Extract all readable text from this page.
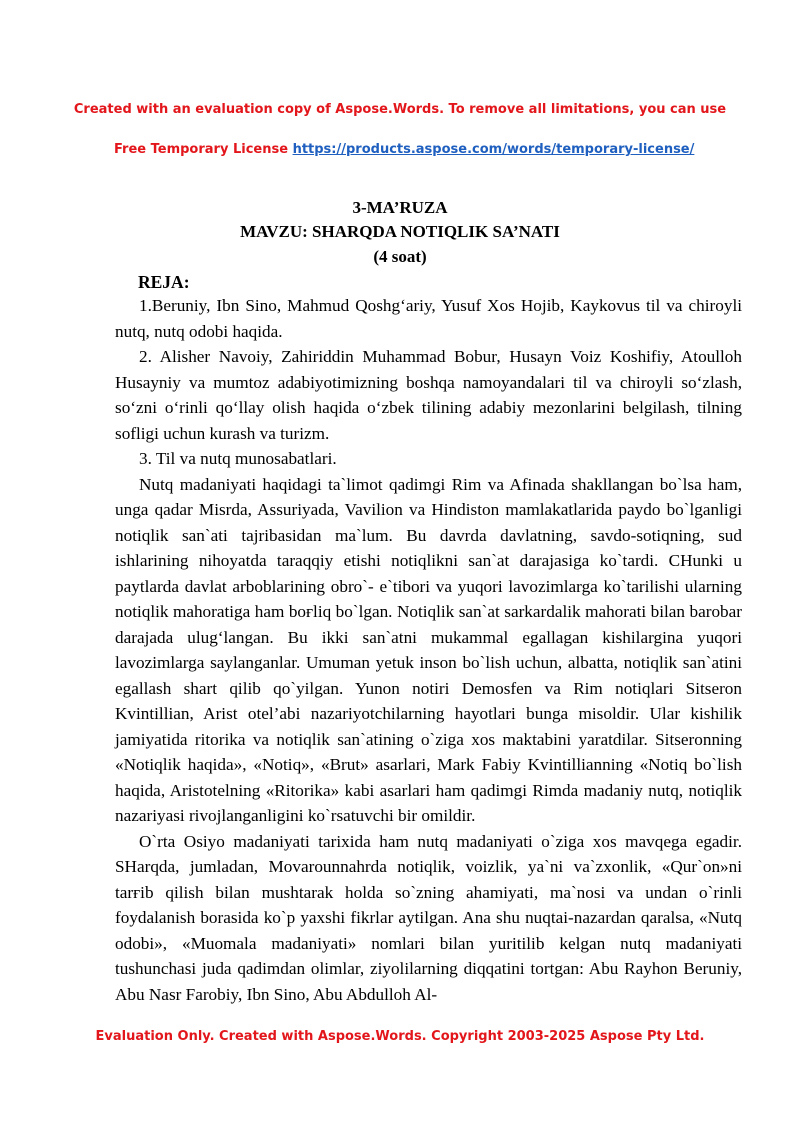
Created with an evaluation copy of Aspose.Words. To remove all limitations, you can use
Free Temporary License https://products.aspose.com/words/temporary-license/
3-MA’RUZA
MAVZU: SHARQDA NOTIQLIK SA’NATI
(4 soat)
REJA:

1.Beruniy, Ibn Sino, Mahmud Qoshg‘ariy, Yusuf Xos Hojib, Kaykovus til va chiroyli nutq, nutq odobi haqida.

2. Alisher Navoiy, Zahiriddin Muhammad Bobur, Husayn Voiz Koshifiy, Atoulloh Husayniy va mumtoz adabiyotimizning boshqa namoyandalari til va chiroyli so‘zlash, so‘zni o‘rinli qo‘llay olish haqida o‘zbek tilining adabiy mezonlarini belgilash, tilning sofligi uchun kurash va turizm.

3. Til va nutq munosabatlari.

Nutq madaniyati haqidagi ta`limot qadimgi Rim va Afinada shakllangan bo`lsa ham, unga qadar Misrda, Assuriyada, Vavilion va Hindiston mamlakatlarida paydo bo`lganligi notiqlik san`ati tajribasidan ma`lum. Bu davrda davlatning, savdo-sotiqning, sud ishlarining nihoyatda taraqqiy etishi notiqlikni san`at darajasiga ko`tardi. CHunki u paytlarda davlat arboblarining obro`- e`tibori va yuqori lavozimlarga ko`tarilishi ularning notiqlik mahoratiga ham boғliq bo`lgan. Notiqlik san`at sarkardalik mahorati bilan barobar darajada ulugʻlangan. Bu ikki san`atni mukammal egallagan kishilargina yuqori lavozimlarga saylanganlar. Umuman yetuk inson bo`lish uchun, albatta, notiqlik san`atini egallash shart qilib qo`yilgan. Yunon notiri Demosfen va Rim notiqlari Sitseron Kvintillian, Arist otel’abi nazariyotchilarning hayotlari bunga misoldir. Ular kishilik jamiyatida ritorika va notiqlik san`atining o`ziga xos maktabini yaratdilar. Sitseronning «Notiqlik haqida», «Notiq», «Brut» asarlari, Mark Fabiy Kvintillianning «Notiq bo`lish haqida, Aristotelning «Ritorika» kabi asarlari ham qadimgi Rimda madaniy nutq, notiqlik nazariyasi rivojlanganligini ko`rsatuvchi bir omildir.

O`rta Osiyo madaniyati tarixida ham nutq madaniyati o`ziga xos mavqega egadir. SHarqda, jumladan, Movarounnahrda notiqlik, voizlik, ya`ni va`zxonlik, «Qur`on»ni tarғib qilish bilan mushtarak holda so`zning ahamiyati, ma`nosi va undan o`rinli foydalanish borasida ko`p yaxshi fikrlar aytilgan. Ana shu nuqtai-nazardan qaralsa, «Nutq odobi», «Muomala madaniyati» nomlari bilan yuritilib kelgan nutq madaniyati tushunchasi juda qadimdan olimlar, ziyolilarning diqqatini tortgan: Abu Rayhon Beruniy, Abu Nasr Farobiy, Ibn Sino, Abu Abdulloh Al-

Evaluation Only. Created with Aspose.Words. Copyright 2003-2025 Aspose Pty Ltd.
